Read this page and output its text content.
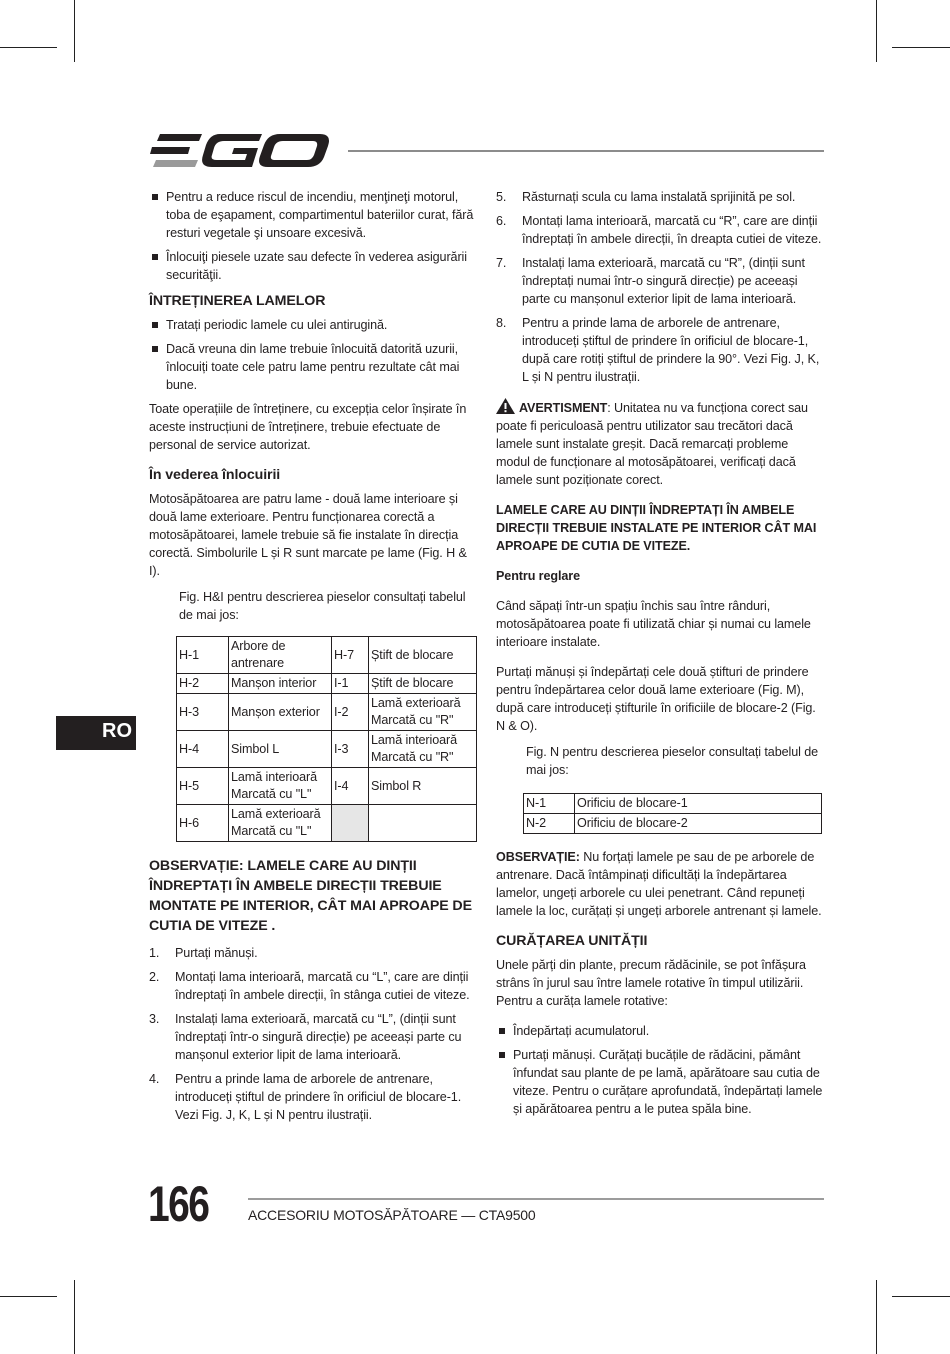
RO
Pentru a reduce riscul de incendiu, menţineţi motorul, toba de eşapament, compartimentul bateriilor curat, fără resturi vegetale şi unsoare excesivă.
Înlocuiţi piesele uzate sau defecte în vederea asigurării securităţii.
ÎNTREȚINEREA LAMELOR
Tratați periodic lamele cu ulei antirugină.
Dacă vreuna din lame trebuie înlocuită datorită uzurii, înlocuiți toate cele patru lame pentru rezultate cât mai bune.

Toate operațiile de întreținere, cu excepția celor înșirate în aceste instrucțiuni de întreținere, trebuie efectuate de personal de service autorizat.

În vederea înlocuirii

Motosăpătoarea are patru lame - două lame interioare și două lame exterioare. Pentru funcționarea corectă a motosăpătoarei, lamele trebuie să fie instalate în direcția corectă. Simbolurile L și R sunt marcate pe lame (Fig. H & I).

Fig. H&I pentru descrierea pieselor consultați tabelul de mai jos:
H-1	Arbore de antrenare	H-7	Știft de blocare
H-2	Manșon interior	I-1	Știft de blocare
H-3	Manșon exterior	I-2	Lamă exterioară Marcată cu "R"
H-4	Simbol L	I-3	Lamă interioară Marcată cu "R"
H-5	Lamă interioară Marcată cu "L"	I-4	Simbol R
H-6	Lamă exterioară Marcată cu "L"		
OBSERVAȚIE: LAMELE CARE AU DINȚII ÎNDREPTAȚI ÎN AMBELE DIRECȚII TREBUIE MONTATE PE INTERIOR, CÂT MAI APROAPE DE
CUTIA DE VITEZE .
1. Purtați mănuși.
2. Montați lama interioară, marcată cu “L”, care are dinții îndreptați în ambele direcții, în stânga cutiei de viteze.
3. Instalați lama exterioară, marcată cu “L”, (dinții sunt îndreptați într-o singură direcție) pe aceeași parte cu manșonul exterior lipit de lama interioară.
4. Pentru a prinde lama de arborele de antrenare, introduceți știftul de prindere în orificiul de blocare-1. Vezi Fig. J, K, L și N pentru ilustrații.
5. Răsturnați scula cu lama instalată sprijinită pe sol.
6. Montați lama interioară, marcată cu “R”, care are dinții îndreptați în ambele direcții, în dreapta cutiei de viteze.
7. Instalați lama exterioară, marcată cu “R”, (dinții sunt îndreptați numai într-o singură direcție) pe aceeași parte cu manșonul exterior lipit de lama interioară.
8. Pentru a prinde lama de arborele de antrenare, introduceți știftul de prindere în orificiul de blocare-1, după care rotiți știftul de prindere la 90°. Vezi Fig. J, K, L și N pentru ilustrații.

AVERTISMENT: Unitatea nu va funcționa corect sau poate fi periculoasă pentru utilizator sau trecători dacă lamele sunt instalate greșit. Dacă remarcați probleme modul de funcționare al motosăpătoarei, verificați dacă lamele sunt poziționate corect.

LAMELE CARE AU DINȚII ÎNDREPTAȚI ÎN AMBELE DIRECȚII TREBUIE INSTALATE PE INTERIOR CÂT MAI APROAPE DE CUTIA DE VITEZE.

Pentru reglare

Când săpați într-un spațiu închis sau între rânduri, motosăpătoarea poate fi utilizată chiar și numai cu lamele interioare instalate.

Purtați mănuși și îndepărtați cele două știfturi de prindere pentru îndepărtarea celor două lame exterioare (Fig. M), după care introduceți știfturile în orificiile de blocare-2 (Fig. N & O).

Fig. N pentru descrierea pieselor consultați tabelul de mai jos:
N-1	Orificiu de blocare-1
N-2	Orificiu de blocare-2

OBSERVAȚIE: Nu forțați lamele pe sau de pe arborele de antrenare. Dacă întâmpinați dificultăți la îndepărtarea lamelor, ungeți arborele cu ulei penetrant. Când repuneți lamele la loc, curățați și ungeți arborele antrenant și lamele.

CURĂȚAREA UNITĂȚII

Unele părți din plante, precum rădăcinile, se pot înfășura strâns în jurul sau între lamele rotative în timpul utilizării. Pentru a curăța lamele rotative:

Îndepărtați acumulatorul.
Purtați mănuși. Curățați bucățile de rădăcini, pământ înfundat sau plante de pe lamă, apărătoare sau cutia de viteze. Pentru o curățare aprofundată, îndepărtați lamele și apărătoarea pentru a le putea spăla bine.
166	ACCESORIU MOTOSĂPĂTOARE — CTA9500
